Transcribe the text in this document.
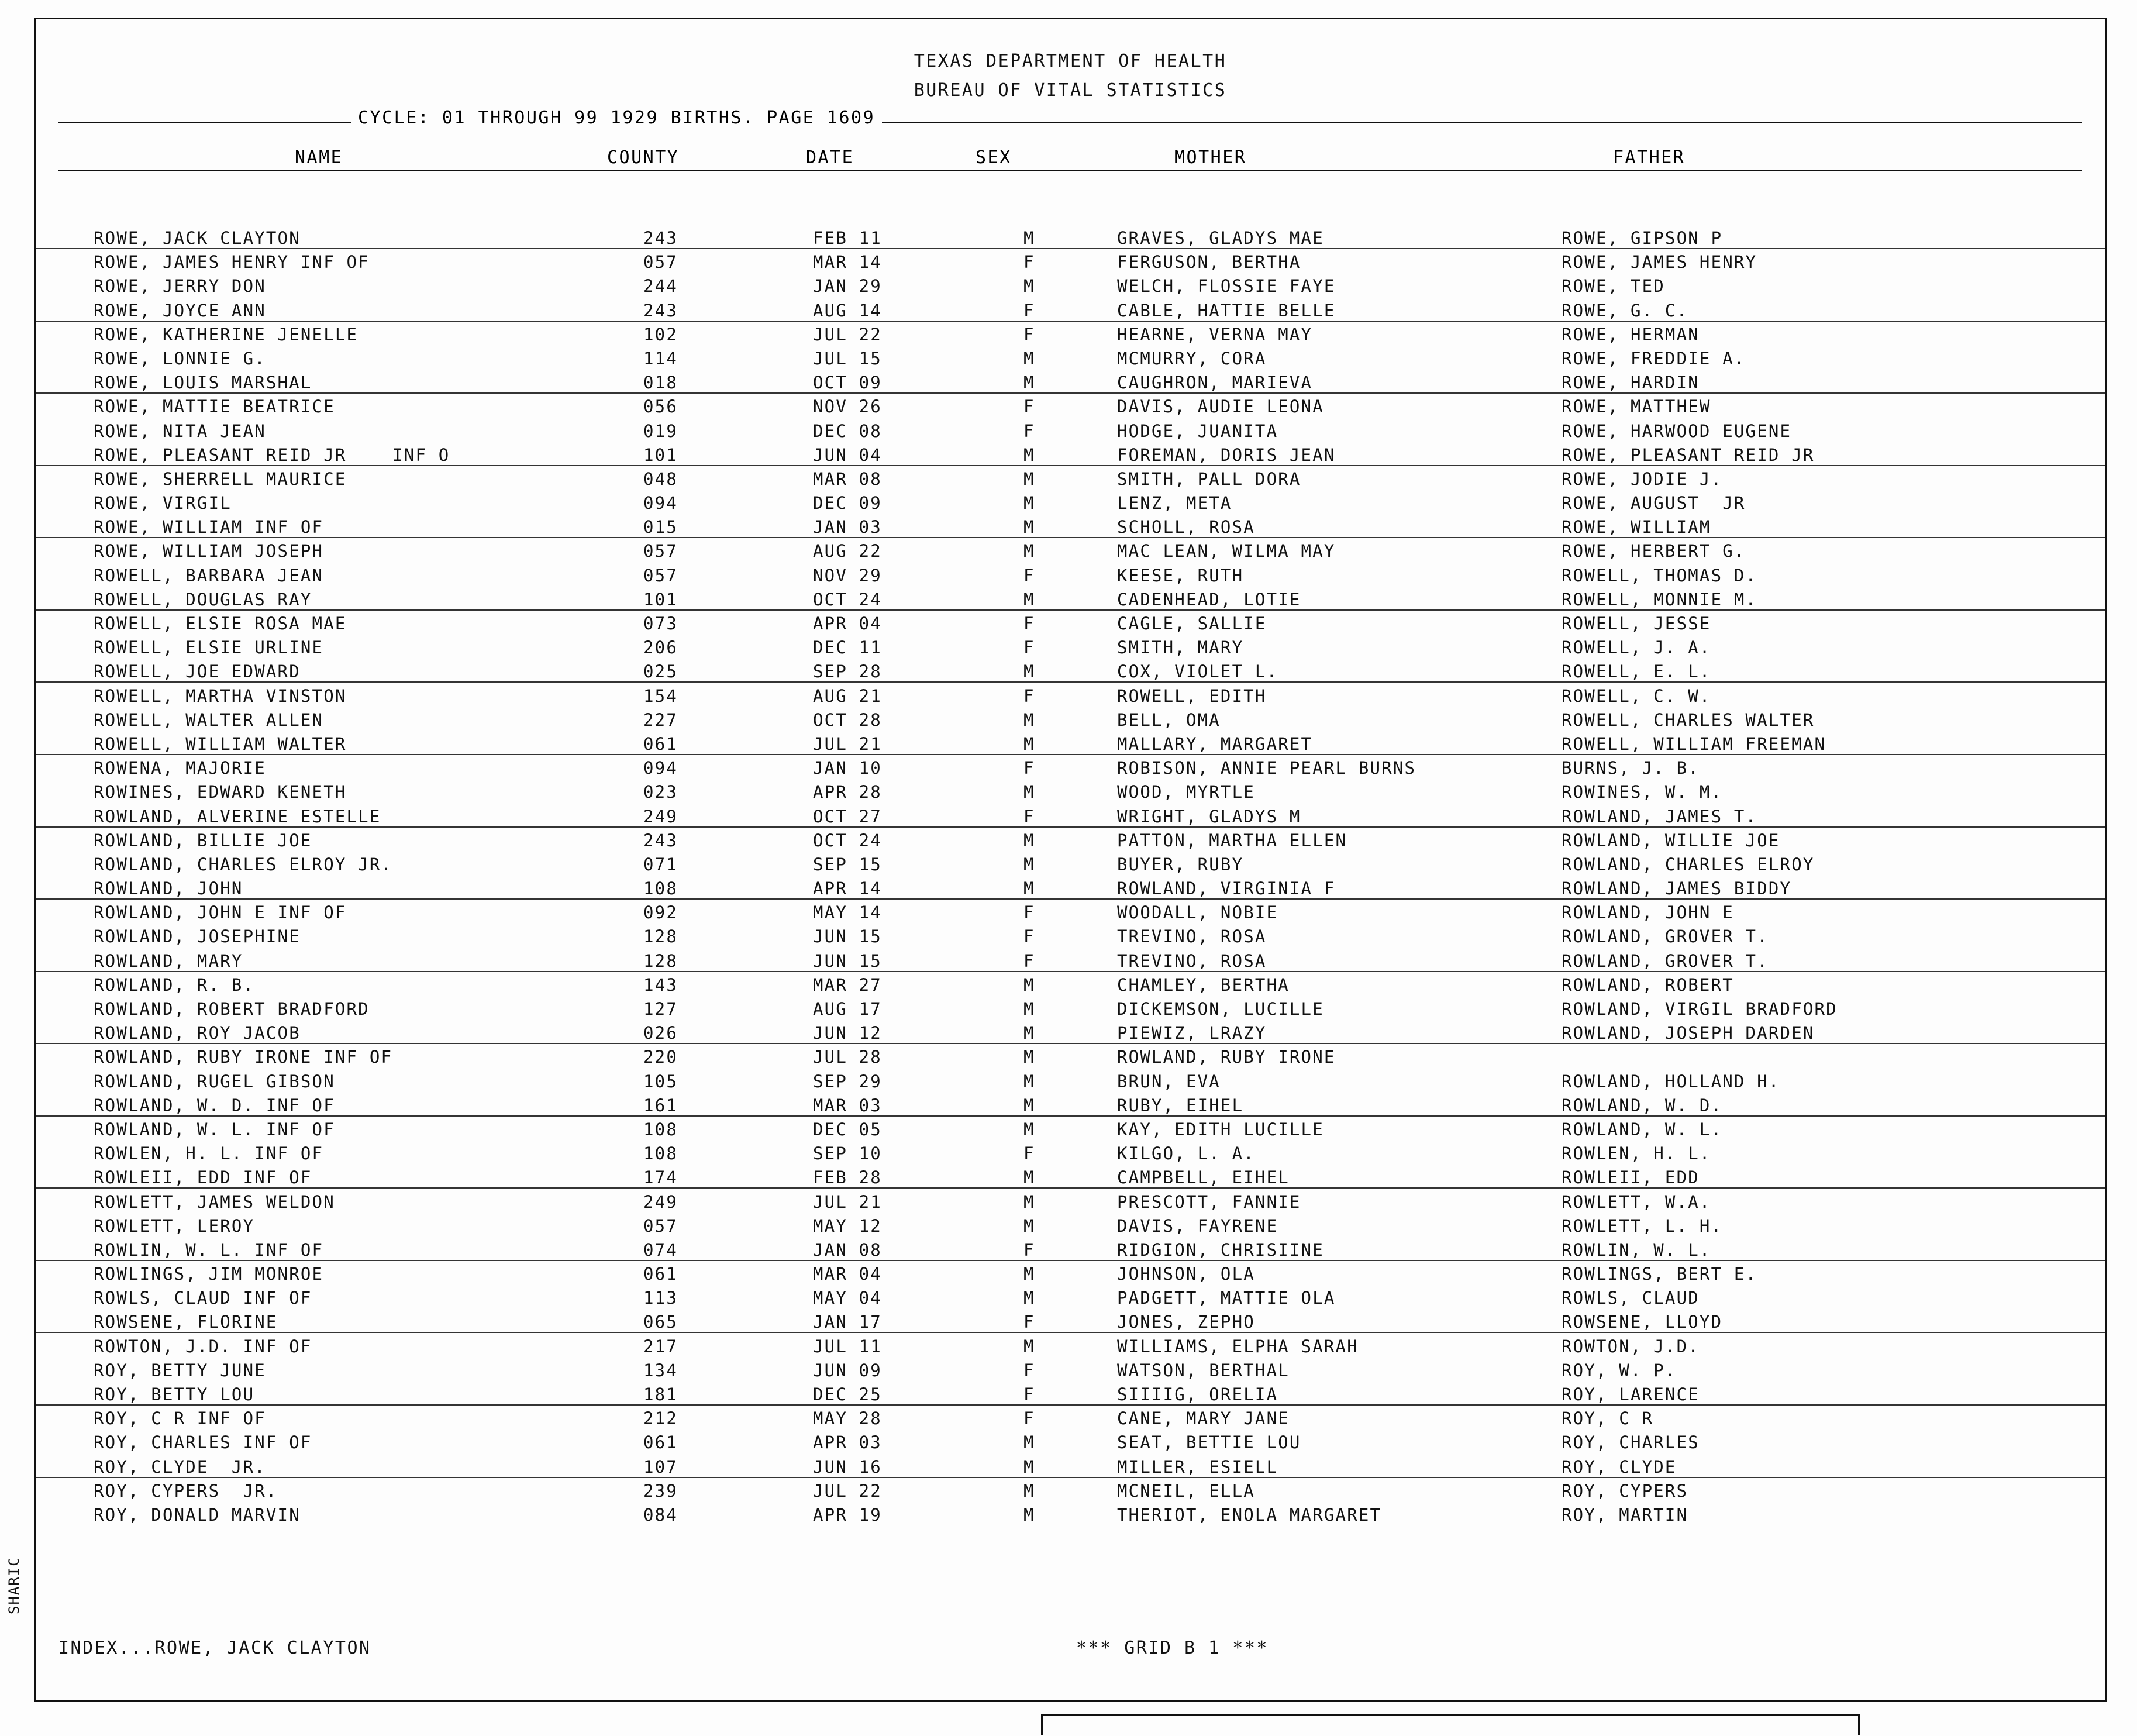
SHARIC
TEXAS DEPARTMENT OF HEALTH
BUREAU OF VITAL STATISTICS
CYCLE: 01 THROUGH 99 1929 BIRTHS. PAGE 1609
NAME	COUNTY	DATE	SEX	MOTHER	FATHER
ROWE, JACK CLAYTON	243	FEB 11	M	GRAVES, GLADYS MAE	ROWE, GIPSON P
ROWE, JAMES HENRY INF OF	057	MAR 14	F	FERGUSON, BERTHA	ROWE, JAMES HENRY
ROWE, JERRY DON	244	JAN 29	M	WELCH, FLOSSIE FAYE	ROWE, TED
ROWE, JOYCE ANN	243	AUG 14	F	CABLE, HATTIE BELLE	ROWE, G. C.
ROWE, KATHERINE JENELLE	102	JUL 22	F	HEARNE, VERNA MAY	ROWE, HERMAN
ROWE, LONNIE G.	114	JUL 15	M	MCMURRY, CORA	ROWE, FREDDIE A.
ROWE, LOUIS MARSHAL	018	OCT 09	M	CAUGHRON, MARIEVA	ROWE, HARDIN
ROWE, MATTIE BEATRICE	056	NOV 26	F	DAVIS, AUDIE LEONA	ROWE, MATTHEW
ROWE, NITA JEAN	019	DEC 08	F	HODGE, JUANITA	ROWE, HARWOOD EUGENE
ROWE, PLEASANT REID JR    INF O	101	JUN 04	M	FOREMAN, DORIS JEAN	ROWE, PLEASANT REID JR
ROWE, SHERRELL MAURICE	048	MAR 08	M	SMITH, PALL DORA	ROWE, JODIE J.
ROWE, VIRGIL	094	DEC 09	M	LENZ, META	ROWE, AUGUST  JR
ROWE, WILLIAM INF OF	015	JAN 03	M	SCHOLL, ROSA	ROWE, WILLIAM
ROWE, WILLIAM JOSEPH	057	AUG 22	M	MAC LEAN, WILMA MAY	ROWE, HERBERT G.
ROWELL, BARBARA JEAN	057	NOV 29	F	KEESE, RUTH	ROWELL, THOMAS D.
ROWELL, DOUGLAS RAY	101	OCT 24	M	CADENHEAD, LOTIE	ROWELL, MONNIE M.
ROWELL, ELSIE ROSA MAE	073	APR 04	F	CAGLE, SALLIE	ROWELL, JESSE
ROWELL, ELSIE URLINE	206	DEC 11	F	SMITH, MARY	ROWELL, J. A.
ROWELL, JOE EDWARD	025	SEP 28	M	COX, VIOLET L.	ROWELL, E. L.
ROWELL, MARTHA VINSTON	154	AUG 21	F	ROWELL, EDITH	ROWELL, C. W.
ROWELL, WALTER ALLEN	227	OCT 28	M	BELL, OMA	ROWELL, CHARLES WALTER
ROWELL, WILLIAM WALTER	061	JUL 21	M	MALLARY, MARGARET	ROWELL, WILLIAM FREEMAN
ROWENA, MAJORIE	094	JAN 10	F	ROBISON, ANNIE PEARL BURNS	BURNS, J. B.
ROWINES, EDWARD KENETH	023	APR 28	M	WOOD, MYRTLE	ROWINES, W. M.
ROWLAND, ALVERINE ESTELLE	249	OCT 27	F	WRIGHT, GLADYS M	ROWLAND, JAMES T.
ROWLAND, BILLIE JOE	243	OCT 24	M	PATTON, MARTHA ELLEN	ROWLAND, WILLIE JOE
ROWLAND, CHARLES ELROY JR.	071	SEP 15	M	BUYER, RUBY	ROWLAND, CHARLES ELROY
ROWLAND, JOHN	108	APR 14	M	ROWLAND, VIRGINIA F	ROWLAND, JAMES BIDDY
ROWLAND, JOHN E INF OF	092	MAY 14	F	WOODALL, NOBIE	ROWLAND, JOHN E
ROWLAND, JOSEPHINE	128	JUN 15	F	TREVINO, ROSA	ROWLAND, GROVER T.
ROWLAND, MARY	128	JUN 15	F	TREVINO, ROSA	ROWLAND, GROVER T.
ROWLAND, R. B.	143	MAR 27	M	CHAMLEY, BERTHA	ROWLAND, ROBERT
ROWLAND, ROBERT BRADFORD	127	AUG 17	M	DICKEMSON, LUCILLE	ROWLAND, VIRGIL BRADFORD
ROWLAND, ROY JACOB	026	JUN 12	M	PIEWIZ, LRAZY	ROWLAND, JOSEPH DARDEN
ROWLAND, RUBY IRONE INF OF	220	JUL 28	M	ROWLAND, RUBY IRONE
ROWLAND, RUGEL GIBSON	105	SEP 29	M	BRUN, EVA	ROWLAND, HOLLAND H.
ROWLAND, W. D. INF OF	161	MAR 03	M	RUBY, EIHEL	ROWLAND, W. D.
ROWLAND, W. L. INF OF	108	DEC 05	M	KAY, EDITH LUCILLE	ROWLAND, W. L.
ROWLEN, H. L. INF OF	108	SEP 10	F	KILGO, L. A.	ROWLEN, H. L.
ROWLEII, EDD INF OF	174	FEB 28	M	CAMPBELL, EIHEL	ROWLEII, EDD
ROWLETT, JAMES WELDON	249	JUL 21	M	PRESCOTT, FANNIE	ROWLETT, W.A.
ROWLETT, LEROY	057	MAY 12	M	DAVIS, FAYRENE	ROWLETT, L. H.
ROWLIN, W. L. INF OF	074	JAN 08	F	RIDGION, CHRISIINE	ROWLIN, W. L.
ROWLINGS, JIM MONROE	061	MAR 04	M	JOHNSON, OLA	ROWLINGS, BERT E.
ROWLS, CLAUD INF OF	113	MAY 04	M	PADGETT, MATTIE OLA	ROWLS, CLAUD
ROWSENE, FLORINE	065	JAN 17	F	JONES, ZEPHO	ROWSENE, LLOYD
ROWTON, J.D. INF OF	217	JUL 11	M	WILLIAMS, ELPHA SARAH	ROWTON, J.D.
ROY, BETTY JUNE	134	JUN 09	F	WATSON, BERTHAL	ROY, W. P.
ROY, BETTY LOU	181	DEC 25	F	SIIIIG, ORELIA	ROY, LARENCE
ROY, C R INF OF	212	MAY 28	F	CANE, MARY JANE	ROY, C R
ROY, CHARLES INF OF	061	APR 03	M	SEAT, BETTIE LOU	ROY, CHARLES
ROY, CLYDE  JR.	107	JUN 16	M	MILLER, ESIELL	ROY, CLYDE
ROY, CYPERS  JR.	239	JUL 22	M	MCNEIL, ELLA	ROY, CYPERS
ROY, DONALD MARVIN	084	APR 19	M	THERIOT, ENOLA MARGARET	ROY, MARTIN
INDEX...ROWE, JACK CLAYTON	*** GRID B 1 ***
